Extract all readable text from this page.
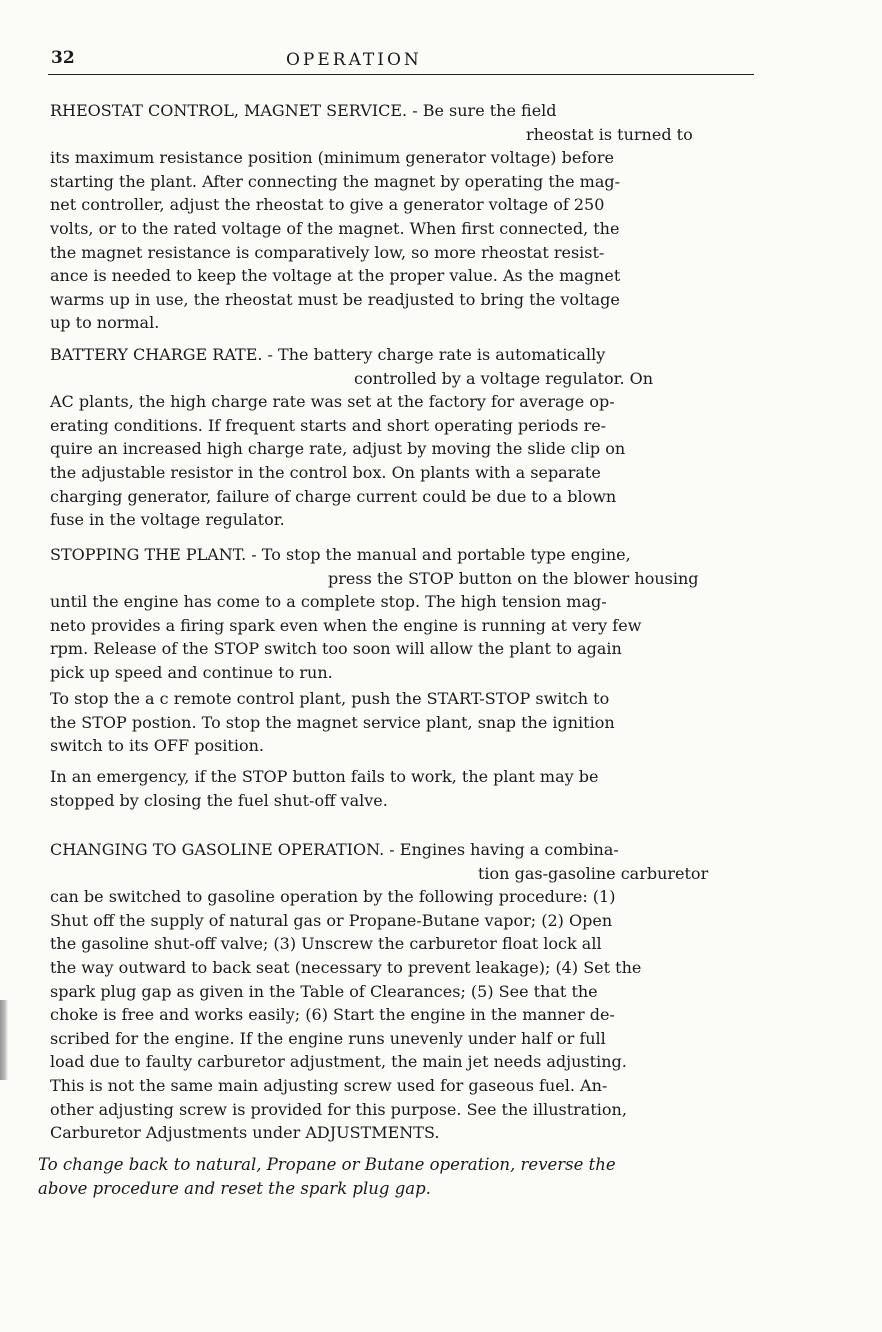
32	OPERATION
RHEOSTAT CONTROL, MAGNET SERVICE. - Be sure the field
rheostat is turned to
its maximum resistance position (minimum generator voltage) before
starting the plant. After connecting the magnet by operating the mag-
net controller, adjust the rheostat to give a generator voltage of 250
volts, or to the rated voltage of the magnet. When first connected, the
the magnet resistance is comparatively low, so more rheostat resist-
ance is needed to keep the voltage at the proper value. As the magnet
warms up in use, the rheostat must be readjusted to bring the voltage
up to normal.
BATTERY CHARGE RATE. - The battery charge rate is automatically
controlled by a voltage regulator. On
AC plants, the high charge rate was set at the factory for average op-
erating conditions. If frequent starts and short operating periods re-
quire an increased high charge rate, adjust by moving the slide clip on
the adjustable resistor in the control box. On plants with a separate
charging generator, failure of charge current could be due to a blown
fuse in the voltage regulator.
STOPPING THE PLANT. - To stop the manual and portable type engine,
press the STOP button on the blower housing
until the engine has come to a complete stop. The high tension mag-
neto provides a firing spark even when the engine is running at very few
rpm. Release of the STOP switch too soon will allow the plant to again
pick up speed and continue to run.
To stop the a c remote control plant, push the START-STOP switch to
the STOP postion. To stop the magnet service plant, snap the ignition
switch to its OFF position.
In an emergency, if the STOP button fails to work, the plant may be
stopped by closing the fuel shut-off valve.
CHANGING TO GASOLINE OPERATION. - Engines having a combina-
tion gas-gasoline carburetor
can be switched to gasoline operation by the following procedure: (1)
Shut off the supply of natural gas or Propane-Butane vapor; (2) Open
the gasoline shut-off valve; (3) Unscrew the carburetor float lock all
the way outward to back seat (necessary to prevent leakage); (4) Set the
spark plug gap as given in the Table of Clearances; (5) See that the
choke is free and works easily; (6) Start the engine in the manner de-
scribed for the engine. If the engine runs unevenly under half or full
load due to faulty carburetor adjustment, the main jet needs adjusting.
This is not the same main adjusting screw used for gaseous fuel. An-
other adjusting screw is provided for this purpose. See the illustration,
Carburetor Adjustments under ADJUSTMENTS.
To change back to natural, Propane or Butane operation, reverse the
above procedure and reset the spark plug gap.
